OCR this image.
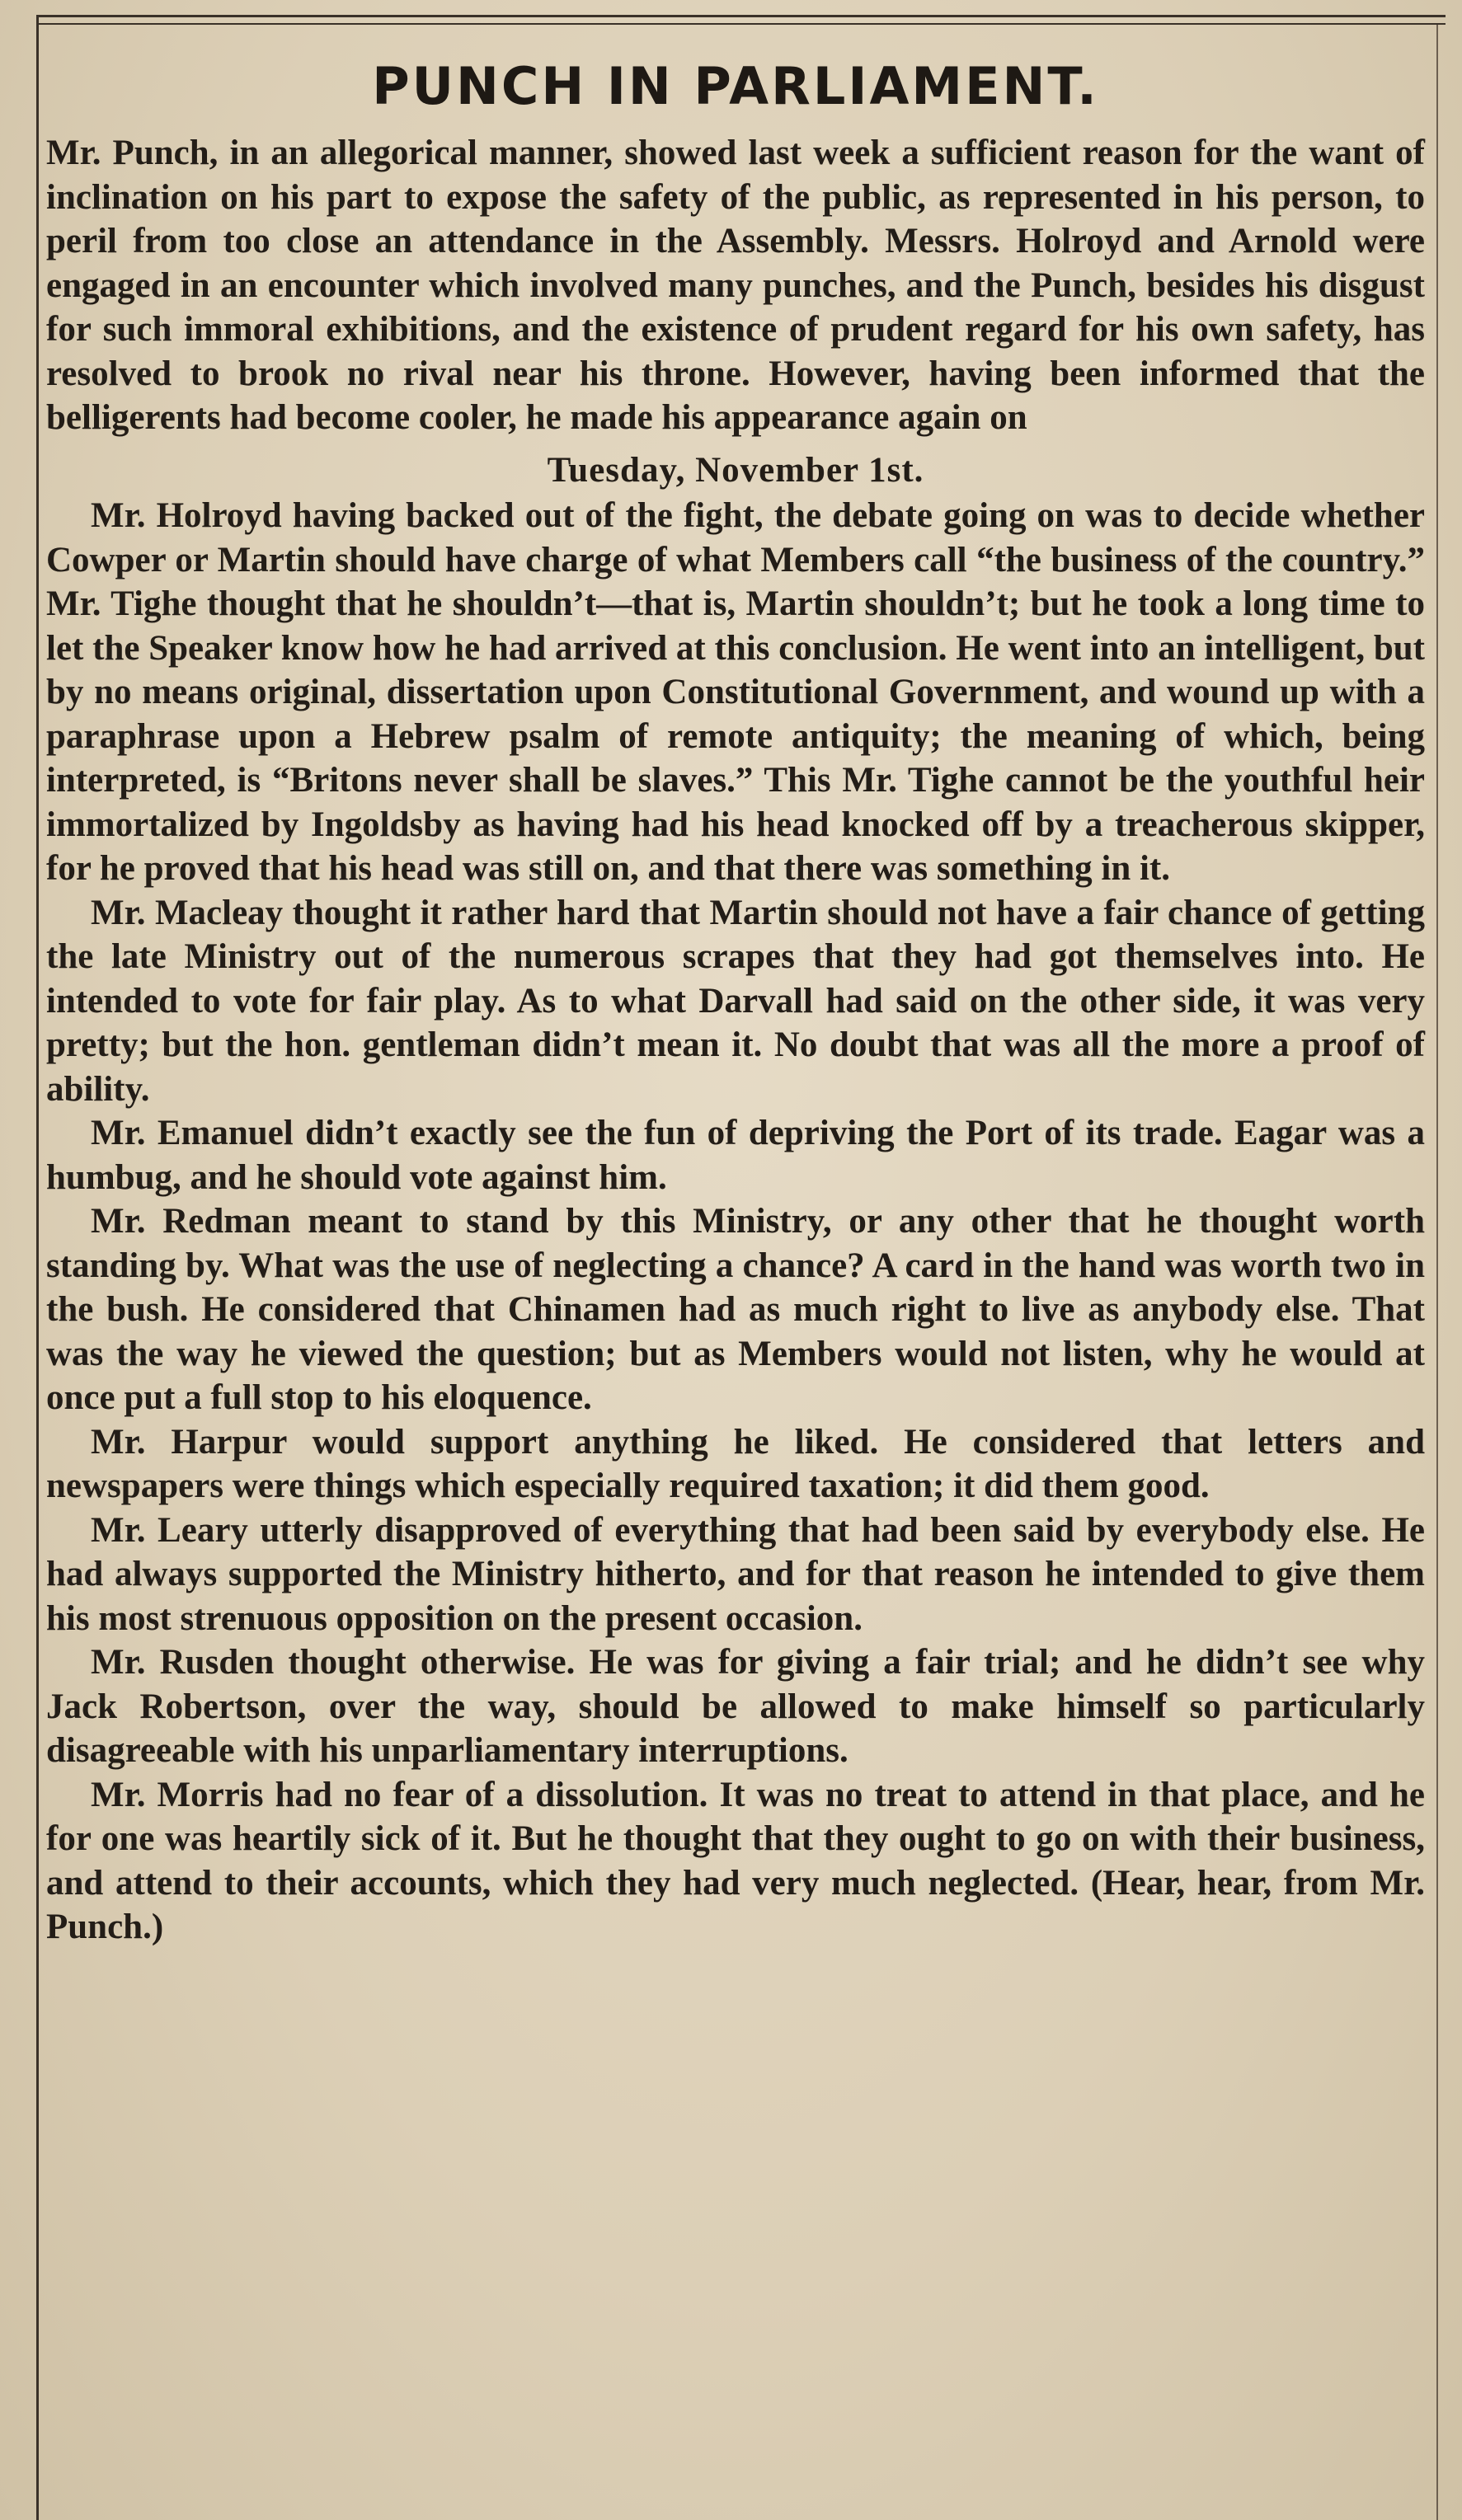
PUNCH IN PARLIAMENT.

Mr. Punch, in an allegorical manner, showed last week a sufficient reason for the want of inclination on his part to expose the safety of the public, as represented in his person, to peril from too close an attendance in the Assembly. Messrs. Holroyd and Arnold were engaged in an encounter which involved many punches, and the Punch, besides his disgust for such immoral exhibitions, and the existence of prudent regard for his own safety, has resolved to brook no rival near his throne. However, having been informed that the belligerents had become cooler, he made his appearance again on

Tuesday, November 1st.

Mr. Holroyd having backed out of the fight, the debate going on was to decide whether Cowper or Martin should have charge of what Members call “the business of the country.” Mr. Tighe thought that he shouldn’t—that is, Martin shouldn’t; but he took a long time to let the Speaker know how he had arrived at this conclusion. He went into an intelligent, but by no means original, dissertation upon Constitutional Government, and wound up with a paraphrase upon a Hebrew psalm of remote antiquity; the meaning of which, being interpreted, is “Britons never shall be slaves.” This Mr. Tighe cannot be the youthful heir immortalized by Ingoldsby as having had his head knocked off by a treacherous skipper, for he proved that his head was still on, and that there was something in it.

Mr. Macleay thought it rather hard that Martin should not have a fair chance of getting the late Ministry out of the numerous scrapes that they had got themselves into. He intended to vote for fair play. As to what Darvall had said on the other side, it was very pretty; but the hon. gentleman didn’t mean it. No doubt that was all the more a proof of ability.

Mr. Emanuel didn’t exactly see the fun of depriving the Port of its trade. Eagar was a humbug, and he should vote against him.

Mr. Redman meant to stand by this Ministry, or any other that he thought worth standing by. What was the use of neglecting a chance? A card in the hand was worth two in the bush. He considered that Chinamen had as much right to live as anybody else. That was the way he viewed the question; but as Members would not listen, why he would at once put a full stop to his eloquence.

Mr. Harpur would support anything he liked. He considered that letters and newspapers were things which especially required taxation; it did them good.

Mr. Leary utterly disapproved of everything that had been said by everybody else. He had always supported the Ministry hitherto, and for that reason he intended to give them his most strenuous opposition on the present occasion.

Mr. Rusden thought otherwise. He was for giving a fair trial; and he didn’t see why Jack Robertson, over the way, should be allowed to make himself so particularly disagreeable with his unparliamentary interruptions.

Mr. Morris had no fear of a dissolution. It was no treat to attend in that place, and he for one was heartily sick of it. But he thought that they ought to go on with their business, and attend to their accounts, which they had very much neglected. (Hear, hear, from Mr. Punch.)
